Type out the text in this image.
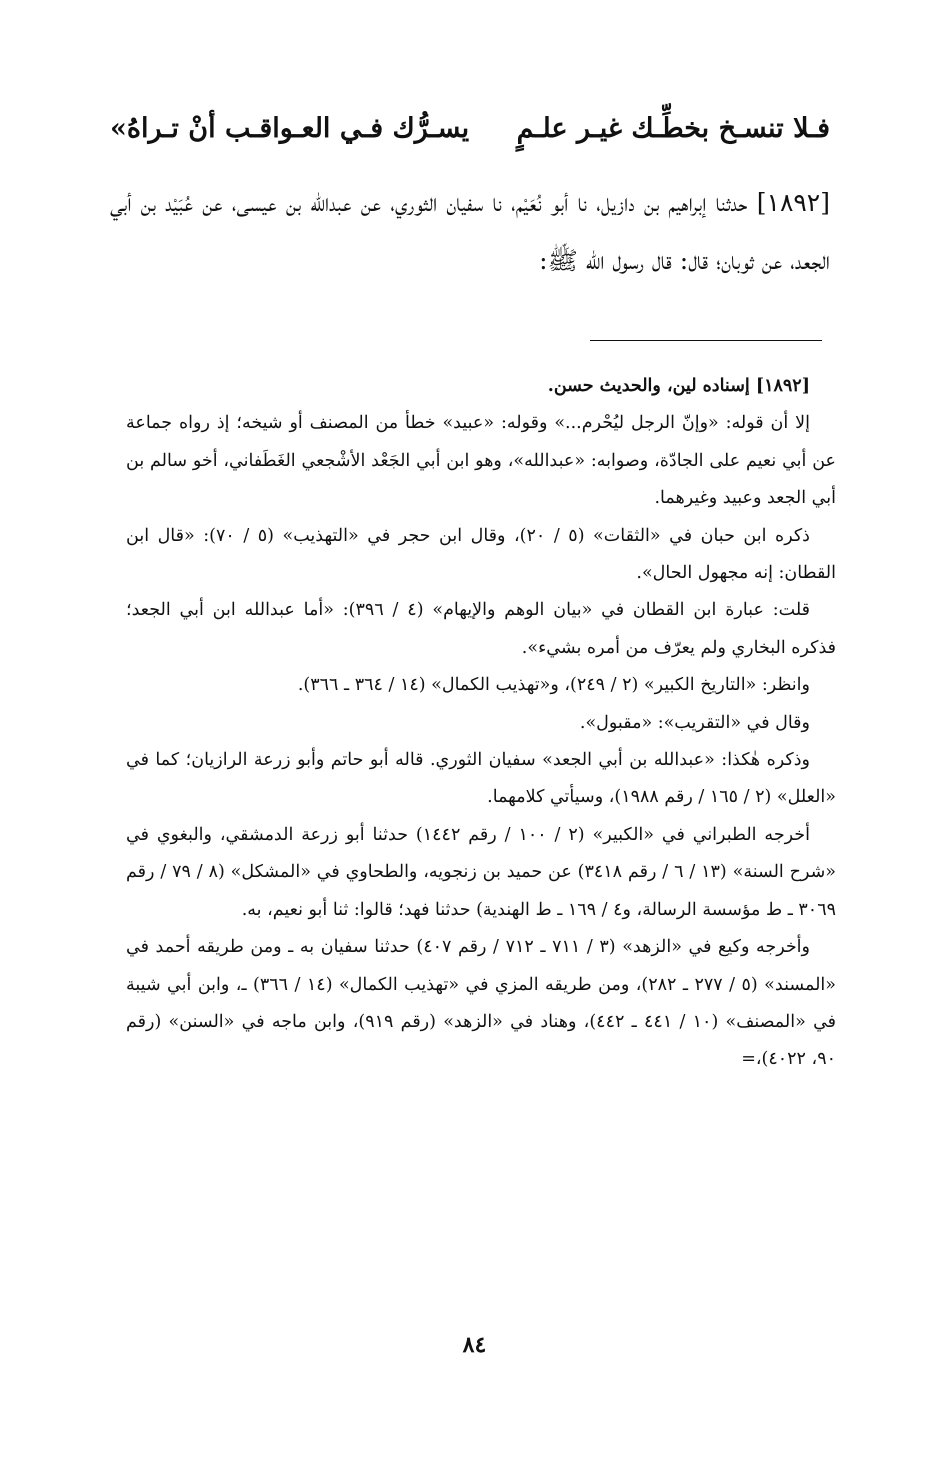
فـلا تنسـخ بخطِّـك غيـر علـمٍ
يسـرُّك فـي العـواقـب أنْ تـراهُ»

[١٨٩٢] حدثنا إبراهيم بن دازيل، نا أبو نُعَيْم، نا سفيان الثوري، عن عبدالله بن عيسى، عن عُبَيْد بن أبي الجعد، عن ثوبان؛ قال: قال رسول الله ﷺ:

[١٨٩٢] إسناده لين، والحديث حسن.

إلا أن قوله: «وإنّ الرجل ليُحْرم...» وقوله: «عبيد» خطأ من المصنف أو شيخه؛ إذ رواه جماعة عن أبي نعيم على الجادّة، وصوابه: «عبدالله»، وهو ابن أبي الجَعْد الأشْجعي الغَطَفاني، أخو سالم بن أبي الجعد وعبيد وغيرهما.

ذكره ابن حبان في «الثقات» (٥ / ٢٠)، وقال ابن حجر في «التهذيب» (٥ / ٧٠): «قال ابن القطان: إنه مجهول الحال».

قلت: عبارة ابن القطان في «بيان الوهم والإيهام» (٤ / ٣٩٦): «أما عبدالله ابن أبي الجعد؛ فذكره البخاري ولم يعرّف من أمره بشيء».

وانظر: «التاريخ الكبير» (٢ / ٢٤٩)، و«تهذيب الكمال» (١٤ / ٣٦٤ ـ ٣٦٦).

وقال في «التقريب»: «مقبول».

وذكره هٰكذا: «عبدالله بن أبي الجعد» سفيان الثوري. قاله أبو حاتم وأبو زرعة الرازيان؛ كما في «العلل» (٢ / ١٦٥ / رقم ١٩٨٨)، وسيأتي كلامهما.

أخرجه الطبراني في «الكبير» (٢ / ١٠٠ / رقم ١٤٤٢) حدثنا أبو زرعة الدمشقي، والبغوي في «شرح السنة» (١٣ / ٦ / رقم ٣٤١٨) عن حميد بن زنجويه، والطحاوي في «المشكل» (٨ / ٧٩ / رقم ٣٠٦٩ ـ ط مؤسسة الرسالة، و٤ / ١٦٩ ـ ط الهندية) حدثنا فهد؛ قالوا: ثنا أبو نعيم، به.

وأخرجه وكيع في «الزهد» (٣ / ٧١١ ـ ٧١٢ / رقم ٤٠٧) حدثنا سفيان به ـ ومن طريقه أحمد في «المسند» (٥ / ٢٧٧ ـ ٢٨٢)، ومن طريقه المزي في «تهذيب الكمال» (١٤ / ٣٦٦) ـ، وابن أبي شيبة في «المصنف» (١٠ / ٤٤١ ـ ٤٤٢)، وهناد في «الزهد» (رقم ٩١٩)، وابن ماجه في «السنن» (رقم ٩٠، ٤٠٢٢)،=

٨٤
